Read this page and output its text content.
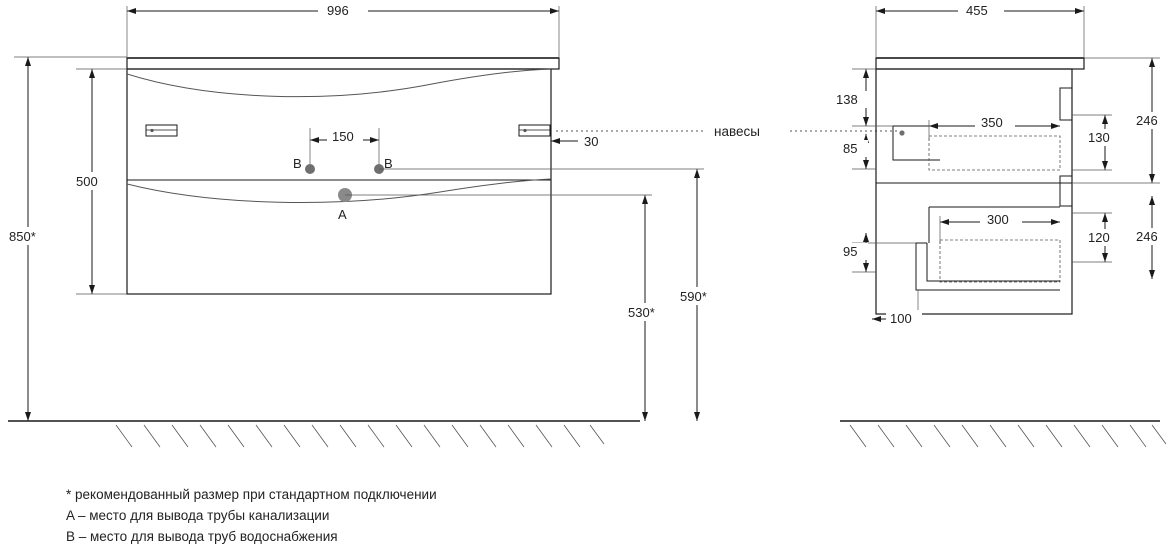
A
B	B
996
500
850*
150	30
530*
590*
навесы
455
138
85
350
130
246
300
120 246
95
100
* рекомендованный размер при стандартном подключении
A – место для вывода трубы канализации
B – место для вывода труб водоснабжения
